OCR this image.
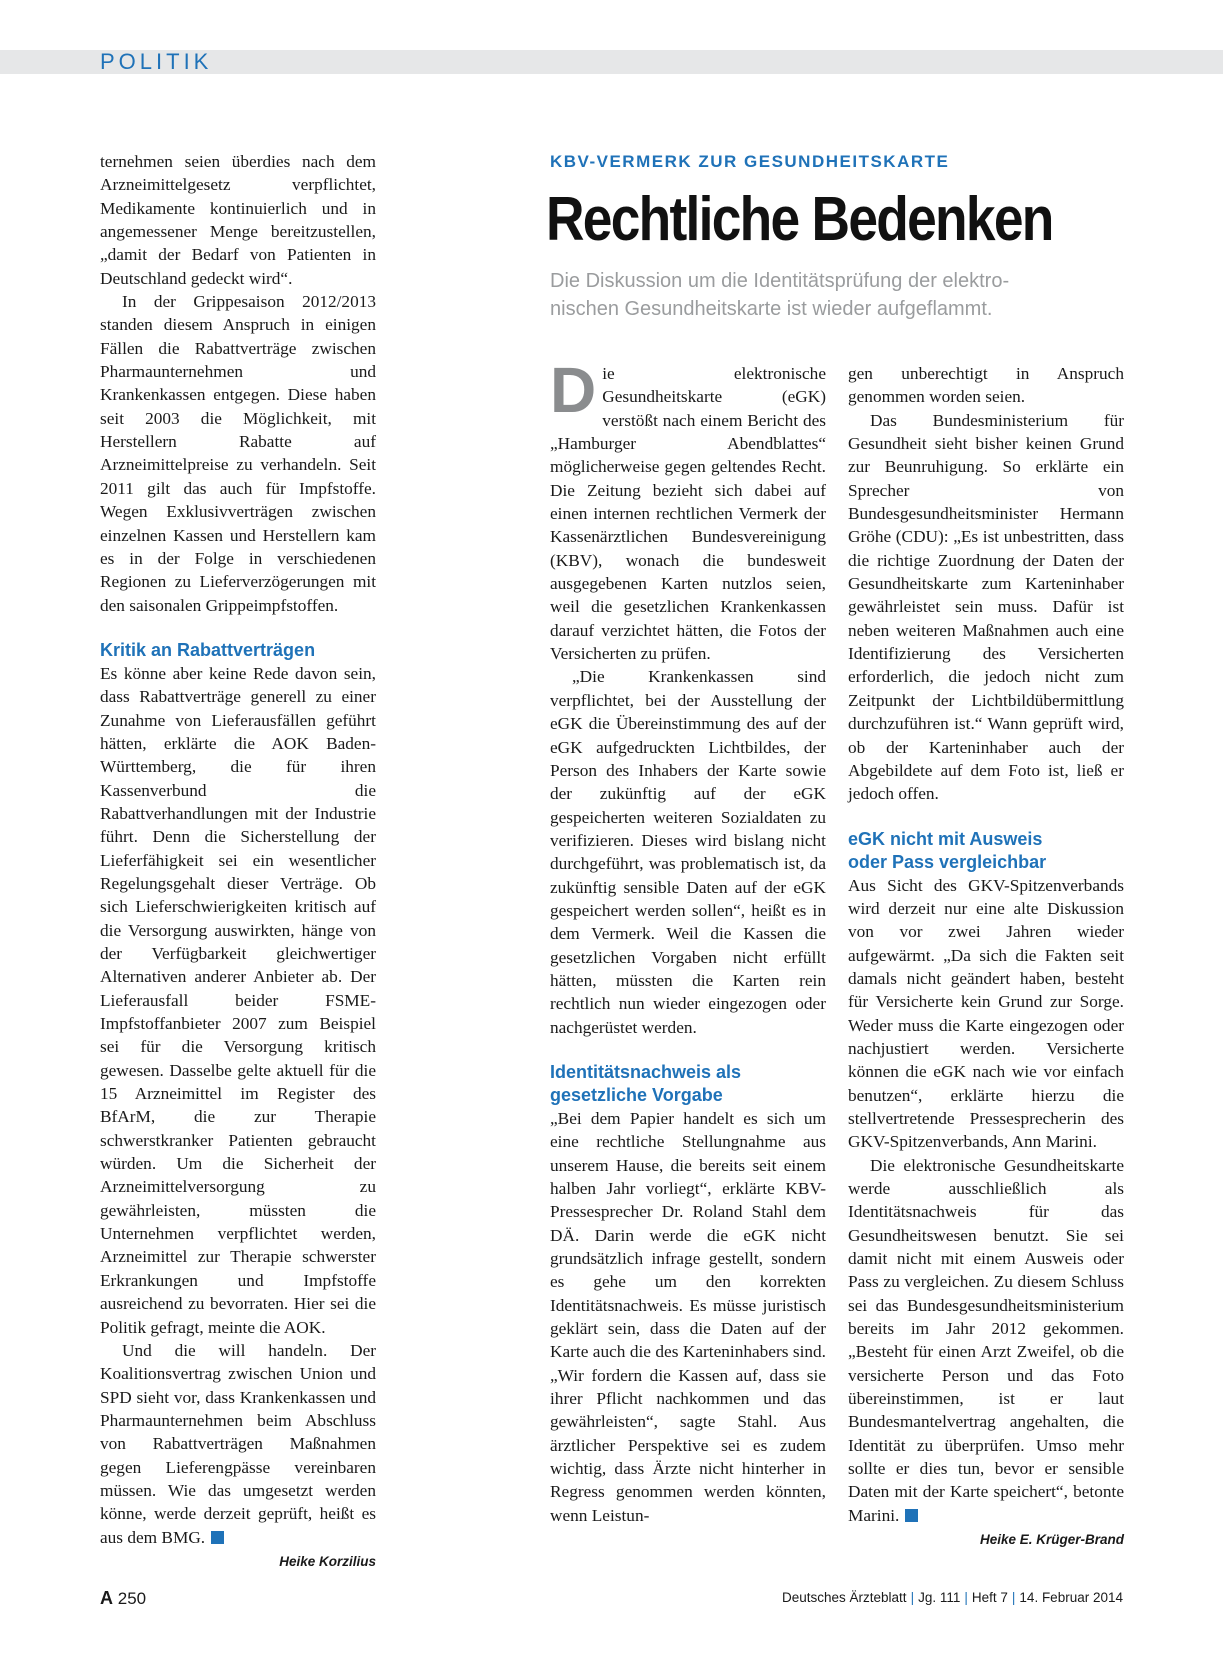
POLITIK
KBV-VERMERK ZUR GESUNDHEITSKARTE
Rechtliche Bedenken
Die Diskussion um die Identitätsprüfung der elektro-
nischen Gesundheitskarte ist wieder aufgeflammt.

ternehmen seien überdies nach dem Arzneimittelgesetz verpflichtet, Medikamente kontinuierlich und in angemessener Menge bereitzustellen, „damit der Bedarf von Patienten in Deutschland gedeckt wird“.

In der Grippesaison 2012/2013 standen diesem Anspruch in einigen Fällen die Rabattverträge zwischen Pharmaunternehmen und Krankenkassen entgegen. Diese haben seit 2003 die Möglichkeit, mit Herstellern Rabatte auf Arzneimittelpreise zu verhandeln. Seit 2011 gilt das auch für Impfstoffe. Wegen Exklusivverträgen zwischen einzelnen Kassen und Herstellern kam es in der Folge in verschiedenen Regionen zu Lieferverzögerungen mit den saisonalen Grippeimpfstoffen.

Kritik an Rabattverträgen

Es könne aber keine Rede davon sein, dass Rabattverträge generell zu einer Zunahme von Lieferausfällen geführt hätten, erklärte die AOK Baden-Württemberg, die für ihren Kassenverbund die Rabattverhandlungen mit der Industrie führt. Denn die Sicherstellung der Lieferfähigkeit sei ein wesentlicher Regelungsgehalt dieser Verträge. Ob sich Lieferschwierigkeiten kritisch auf die Versorgung auswirkten, hänge von der Verfügbarkeit gleichwertiger Alternativen anderer Anbieter ab. Der Lieferausfall beider FSME-Impfstoffanbieter 2007 zum Beispiel sei für die Versorgung kritisch gewesen. Dasselbe gelte aktuell für die 15 Arzneimittel im Register des BfArM, die zur Therapie schwerstkranker Patienten gebraucht würden. Um die Sicherheit der Arzneimittelversorgung zu gewährleisten, müssten die Unternehmen verpflichtet werden, Arzneimittel zur Therapie schwerster Erkrankungen und Impfstoffe ausreichend zu bevorraten. Hier sei die Politik gefragt, meinte die AOK.

Und die will handeln. Der Koalitionsvertrag zwischen Union und SPD sieht vor, dass Krankenkassen und Pharmaunternehmen beim Abschluss von Rabattverträgen Maßnahmen gegen Lieferengpässe vereinbaren müssen. Wie das umgesetzt werden könne, werde derzeit geprüft, heißt es aus dem BMG.

Heike Korzilius

Die elektronische Gesundheitskarte (eGK) verstößt nach einem Bericht des „Hamburger Abendblattes“ möglicherweise gegen geltendes Recht. Die Zeitung bezieht sich dabei auf einen internen rechtlichen Vermerk der Kassenärztlichen Bundesvereinigung (KBV), wonach die bundesweit ausgegebenen Karten nutzlos seien, weil die gesetzlichen Krankenkassen darauf verzichtet hätten, die Fotos der Versicherten zu prüfen.

„Die Krankenkassen sind verpflichtet, bei der Ausstellung der eGK die Übereinstimmung des auf der eGK aufgedruckten Lichtbildes, der Person des Inhabers der Karte sowie der zukünftig auf der eGK gespeicherten weiteren Sozialdaten zu verifizieren. Dieses wird bislang nicht durchgeführt, was problematisch ist, da zukünftig sensible Daten auf der eGK gespeichert werden sollen“, heißt es in dem Vermerk. Weil die Kassen die gesetzlichen Vorgaben nicht erfüllt hätten, müssten die Karten rein rechtlich nun wieder eingezogen oder nachgerüstet werden.

Identitätsnachweis als gesetzliche Vorgabe

„Bei dem Papier handelt es sich um eine rechtliche Stellungnahme aus unserem Hause, die bereits seit einem halben Jahr vorliegt“, erklärte KBV-Pressesprecher Dr. Roland Stahl dem DÄ. Darin werde die eGK nicht grundsätzlich infrage gestellt, sondern es gehe um den korrekten Identitätsnachweis. Es müsse juristisch geklärt sein, dass die Daten auf der Karte auch die des Karteninhabers sind. „Wir fordern die Kassen auf, dass sie ihrer Pflicht nachkommen und das gewährleisten“, sagte Stahl. Aus ärztlicher Perspektive sei es zudem wichtig, dass Ärzte nicht hinterher in Regress genommen werden könnten, wenn Leistun-

gen unberechtigt in Anspruch genommen worden seien.

Das Bundesministerium für Gesundheit sieht bisher keinen Grund zur Beunruhigung. So erklärte ein Sprecher von Bundesgesundheitsminister Hermann Gröhe (CDU): „Es ist unbestritten, dass die richtige Zuordnung der Daten der Gesundheitskarte zum Karteninhaber gewährleistet sein muss. Dafür ist neben weiteren Maßnahmen auch eine Identifizierung des Versicherten erforderlich, die jedoch nicht zum Zeitpunkt der Lichtbildübermittlung durchzuführen ist.“ Wann geprüft wird, ob der Karteninhaber auch der Abgebildete auf dem Foto ist, ließ er jedoch offen.

eGK nicht mit Ausweis oder Pass vergleichbar

Aus Sicht des GKV-Spitzenverbands wird derzeit nur eine alte Diskussion von vor zwei Jahren wieder aufgewärmt. „Da sich die Fakten seit damals nicht geändert haben, besteht für Versicherte kein Grund zur Sorge. Weder muss die Karte eingezogen oder nachjustiert werden. Versicherte können die eGK nach wie vor einfach benutzen“, erklärte hierzu die stellvertretende Pressesprecherin des GKV-Spitzenverbands, Ann Marini.

Die elektronische Gesundheitskarte werde ausschließlich als Identitätsnachweis für das Gesundheitswesen benutzt. Sie sei damit nicht mit einem Ausweis oder Pass zu vergleichen. Zu diesem Schluss sei das Bundesgesundheitsministerium bereits im Jahr 2012 gekommen. „Besteht für einen Arzt Zweifel, ob die versicherte Person und das Foto übereinstimmen, ist er laut Bundesmantelvertrag angehalten, die Identität zu überprüfen. Umso mehr sollte er dies tun, bevor er sensible Daten mit der Karte speichert“, betonte Marini.

Heike E. Krüger-Brand
A 250	Deutsches Ärzteblatt | Jg. 111 | Heft 7 | 14. Februar 2014
